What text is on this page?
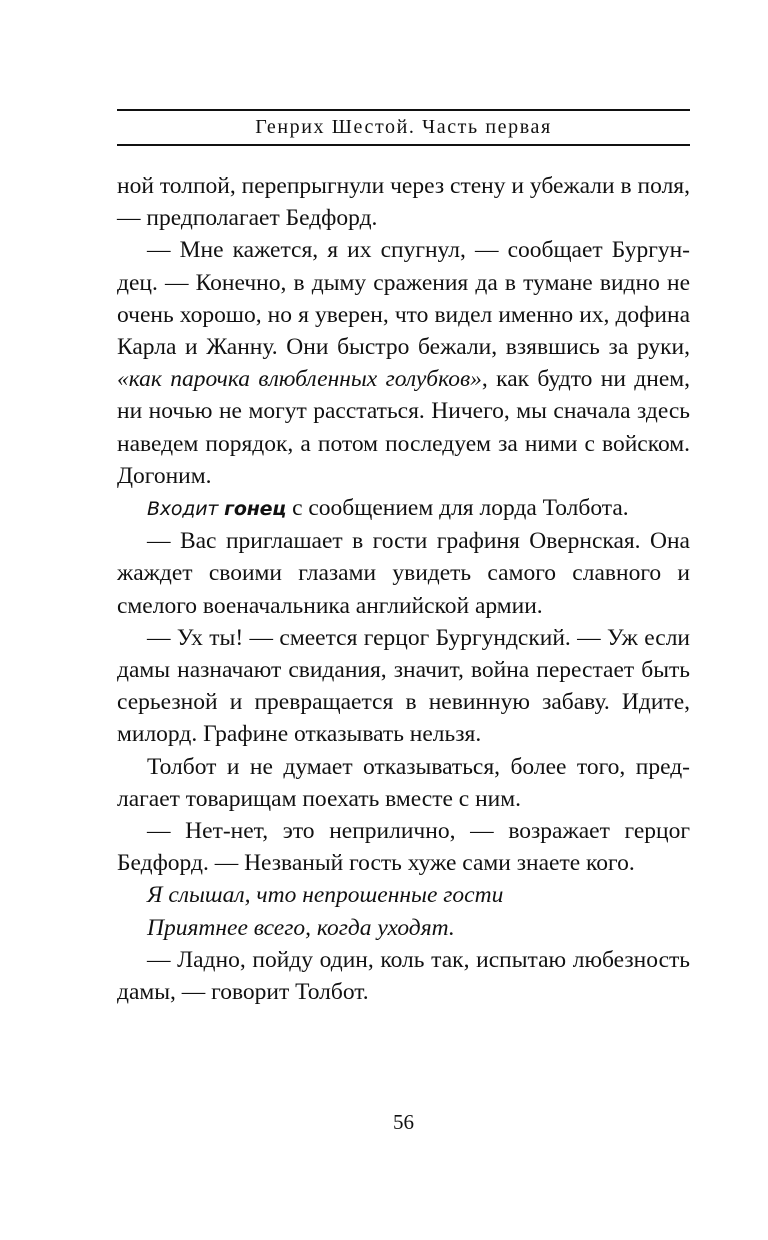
Генрих Шестой. Часть первая

ной толпой, перепрыгнули через стену и убежали в поля, — предполагает Бедфорд.

— Мне кажется, я их спугнул, — сообщает Бургундец. — Конечно, в дыму сражения да в тумане видно не очень хорошо, но я уверен, что видел именно их, дофина Карла и Жанну. Они быстро бежали, взявшись за руки, «как парочка влюбленных голубков», как будто ни днем, ни ночью не могут расстаться. Ничего, мы сначала здесь наведем порядок, а потом последуем за ними с войском. Догоним.

Входит гонец с сообщением для лорда Толбота.

— Вас приглашает в гости графиня Овернская. Она жаждет своими глазами увидеть самого славного и смелого военачальника английской армии.

— Ух ты! — смеется герцог Бургундский. — Уж если дамы назначают свидания, значит, война перестает быть серьезной и превращается в невинную забаву. Идите, милорд. Графине отказывать нельзя.

Толбот и не думает отказываться, более того, предлагает товарищам поехать вместе с ним.

— Нет-нет, это неприлично, — возражает герцог Бедфорд. — Незваный гость хуже сами знаете кого.

Я слышал, что непрошенные гости

Приятнее всего, когда уходят.

— Ладно, пойду один, коль так, испытаю любезность дамы, — говорит Толбот.

56
